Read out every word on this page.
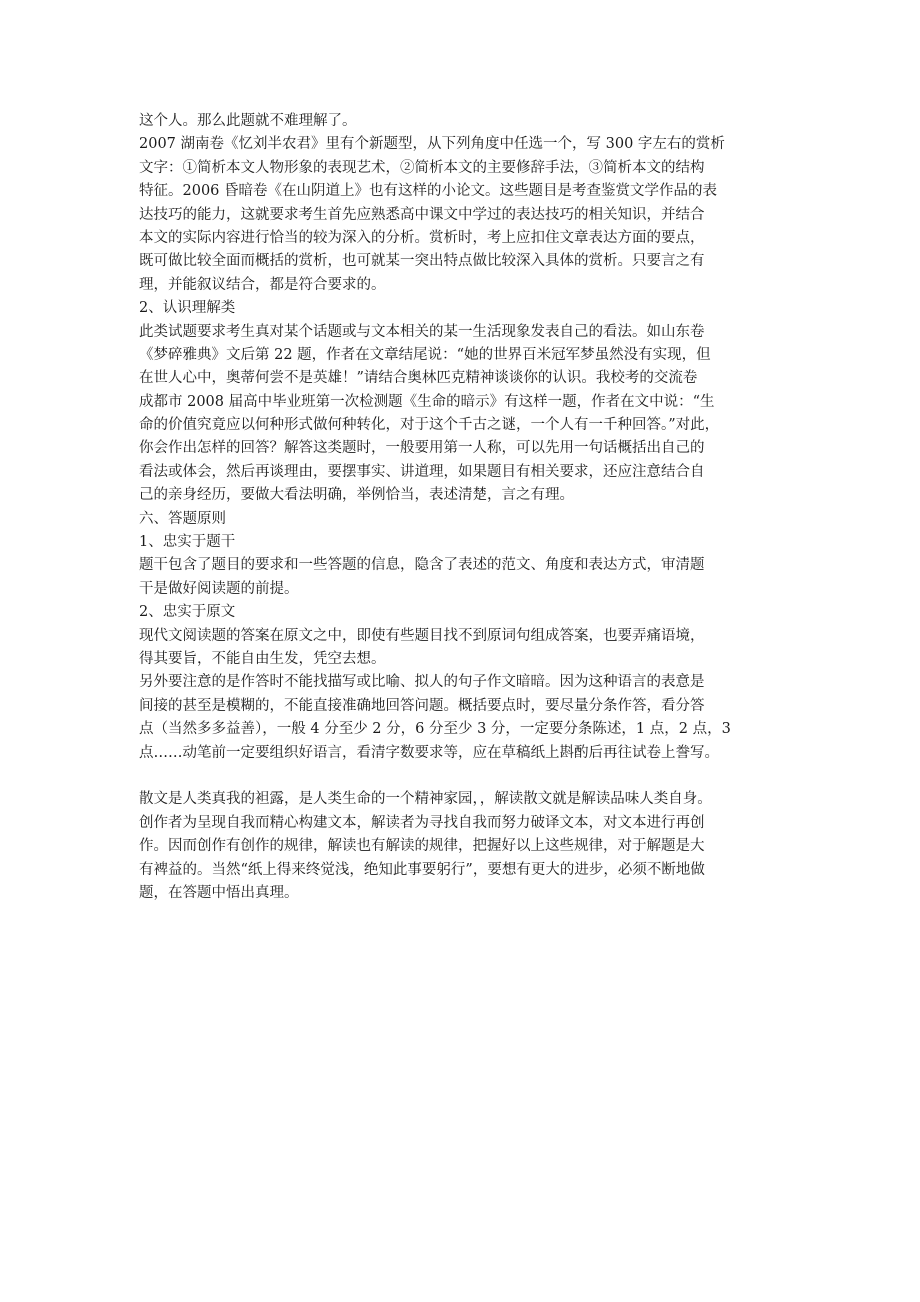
这个人。那么此题就不难理解了。
2007 湖南卷《忆刘半农君》里有个新题型，从下列角度中任选一个，写 300 字左右的赏析
文字：①简析本文人物形象的表现艺术，②简析本文的主要修辞手法，③简析本文的结构
特征。2006 昏暗卷《在山阴道上》也有这样的小论文。这些题目是考查鉴赏文学作品的表
达技巧的能力，这就要求考生首先应熟悉高中课文中学过的表达技巧的相关知识，并结合
本文的实际内容进行恰当的较为深入的分析。赏析时，考上应扣住文章表达方面的要点，
既可做比较全面而概括的赏析，也可就某一突出特点做比较深入具体的赏析。只要言之有
理，并能叙议结合，都是符合要求的。
2、认识理解类
此类试题要求考生真对某个话题或与文本相关的某一生活现象发表自己的看法。如山东卷
《梦碎雅典》文后第 22 题，作者在文章结尾说：“她的世界百米冠军梦虽然没有实现，但
在世人心中，奥蒂何尝不是英雄！”请结合奥林匹克精神谈谈你的认识。我校考的交流卷
成都市 2008 届高中毕业班第一次检测题《生命的暗示》有这样一题，作者在文中说：“生
命的价值究竟应以何种形式做何种转化，对于这个千古之谜，一个人有一千种回答。”对此，
你会作出怎样的回答？解答这类题时，一般要用第一人称，可以先用一句话概括出自己的
看法或体会，然后再谈理由，要摆事实、讲道理，如果题目有相关要求，还应注意结合自
己的亲身经历，要做大看法明确，举例恰当，表述清楚，言之有理。
六、答题原则
1、忠实于题干
题干包含了题目的要求和一些答题的信息，隐含了表述的范文、角度和表达方式，审清题
干是做好阅读题的前提。
2、忠实于原文
现代文阅读题的答案在原文之中，即使有些题目找不到原词句组成答案，也要弄痛语境，
得其要旨，不能自由生发，凭空去想。
另外要注意的是作答时不能找描写或比喻、拟人的句子作文暗暗。因为这种语言的表意是
间接的甚至是模糊的，不能直接准确地回答问题。概括要点时，要尽量分条作答，看分答
点（当然多多益善），一般 4 分至少 2 分，6 分至少 3 分，一定要分条陈述，1 点，2 点，3
点……动笔前一定要组织好语言，看清字数要求等，应在草稿纸上斟酌后再往试卷上誊写。
散文是人类真我的袒露，是人类生命的一个精神家园，，解读散文就是解读品味人类自身。
创作者为呈现自我而精心构建文本，解读者为寻找自我而努力破译文本，对文本进行再创
作。因而创作有创作的规律，解读也有解读的规律，把握好以上这些规律，对于解题是大
有裨益的。当然“纸上得来终觉浅，绝知此事要躬行”，要想有更大的进步，必须不断地做
题，在答题中悟出真理。
